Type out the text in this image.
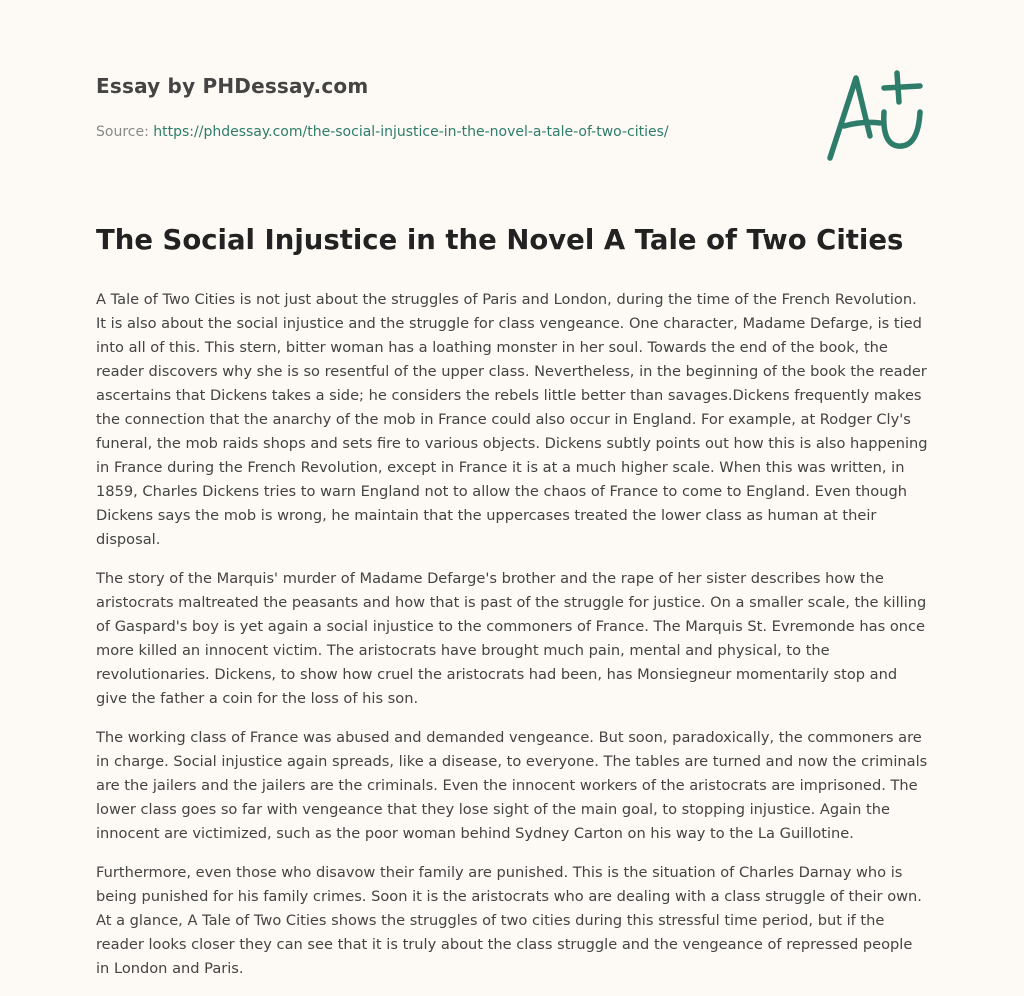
Essay by PHDessay.com

Source: https://phdessay.com/the-social-injustice-in-the-novel-a-tale-of-two-cities/
The Social Injustice in the Novel A Tale of Two Cities

A Tale of Two Cities is not just about the struggles of Paris and London, during the time of the French Revolution. It is also about the social injustice and the struggle for class vengeance. One character, Madame Defarge, is tied into all of this. This stern, bitter woman has a loathing monster in her soul. Towards the end of the book, the reader discovers why she is so resentful of the upper class. Nevertheless, in the beginning of the book the reader ascertains that Dickens takes a side; he considers the rebels little better than savages.Dickens frequently makes the connection that the anarchy of the mob in France could also occur in England. For example, at Rodger Cly's funeral, the mob raids shops and sets fire to various objects. Dickens subtly points out how this is also happening in France during the French Revolution, except in France it is at a much higher scale. When this was written, in 1859, Charles Dickens tries to warn England not to allow the chaos of France to come to England. Even though Dickens says the mob is wrong, he maintain that the uppercases treated the lower class as human at their disposal.

The story of the Marquis' murder of Madame Defarge's brother and the rape of her sister describes how the aristocrats maltreated the peasants and how that is past of the struggle for justice. On a smaller scale, the killing of Gaspard's boy is yet again a social injustice to the commoners of France. The Marquis St. Evremonde has once more killed an innocent victim. The aristocrats have brought much pain, mental and physical, to the revolutionaries. Dickens, to show how cruel the aristocrats had been, has Monsiegneur momentarily stop and give the father a coin for the loss of his son.

The working class of France was abused and demanded vengeance. But soon, paradoxically, the commoners are in charge. Social injustice again spreads, like a disease, to everyone. The tables are turned and now the criminals are the jailers and the jailers are the criminals. Even the innocent workers of the aristocrats are imprisoned. The lower class goes so far with vengeance that they lose sight of the main goal, to stopping injustice. Again the innocent are victimized, such as the poor woman behind Sydney Carton on his way to the La Guillotine.

Furthermore, even those who disavow their family are punished. This is the situation of Charles Darnay who is being punished for his family crimes. Soon it is the aristocrats who are dealing with a class struggle of their own. At a glance, A Tale of Two Cities shows the struggles of two cities during this stressful time period, but if the reader looks closer they can see that it is truly about the class struggle and the vengeance of repressed people in London and Paris.
